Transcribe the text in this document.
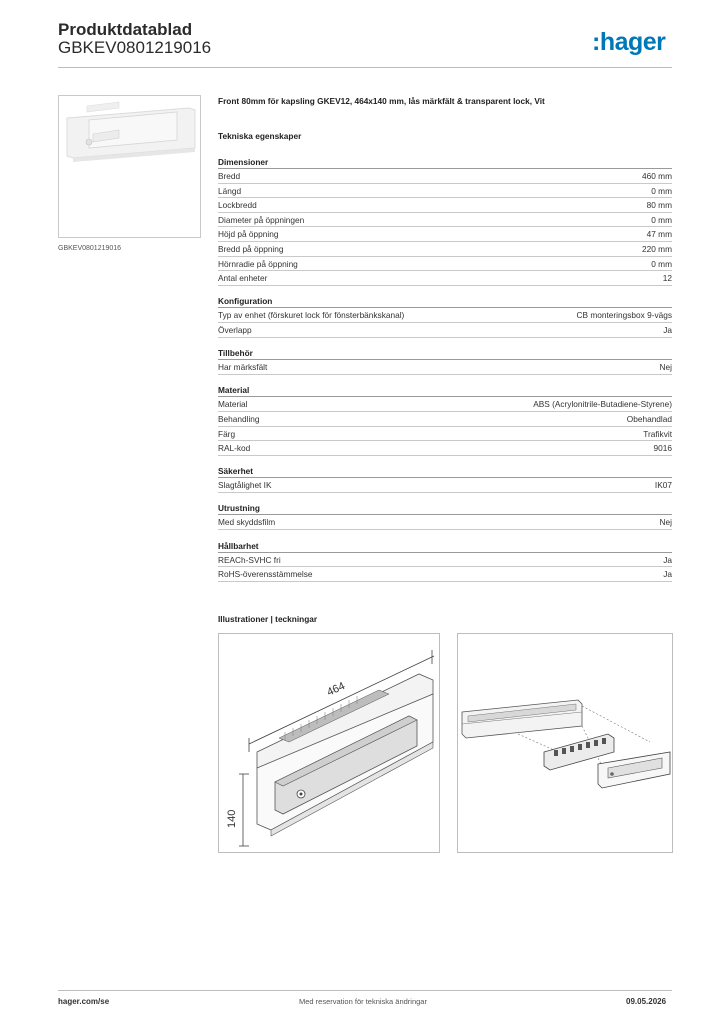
Produktdatablad
GBKEV0801219016	:hager
GBKEV0801219016
Front 80mm för kapsling GKEV12, 464x140 mm, lås märkfält & transparent lock, Vit
Tekniska egenskaper
Dimensioner
Bredd	460 mm
Längd	0 mm
Lockbredd	80 mm
Diameter på öppningen	0 mm
Höjd på öppning	47 mm
Bredd på öppning	220 mm
Hörnradie på öppning	0 mm
Antal enheter	12
Konfiguration
Typ av enhet (förskuret lock för fönsterbänkskanal)	CB monteringsbox 9-vägs
Överlapp	Ja
Tillbehör
Har märksfält	Nej
Material
Material	ABS (Acrylonitrile-Butadiene-Styrene)
Behandling	Obehandlad
Färg	Trafikvit
RAL-kod	9016
Säkerhet
Slagtålighet IK	IK07
Utrustning
Med skyddsfilm	Nej
Hållbarhet
REACh-SVHC fri	Ja
RoHS-överensstämmelse	Ja
Illustrationer | teckningar
464
140
hager.com/se	Med reservation för tekniska ändringar	09.05.2026
